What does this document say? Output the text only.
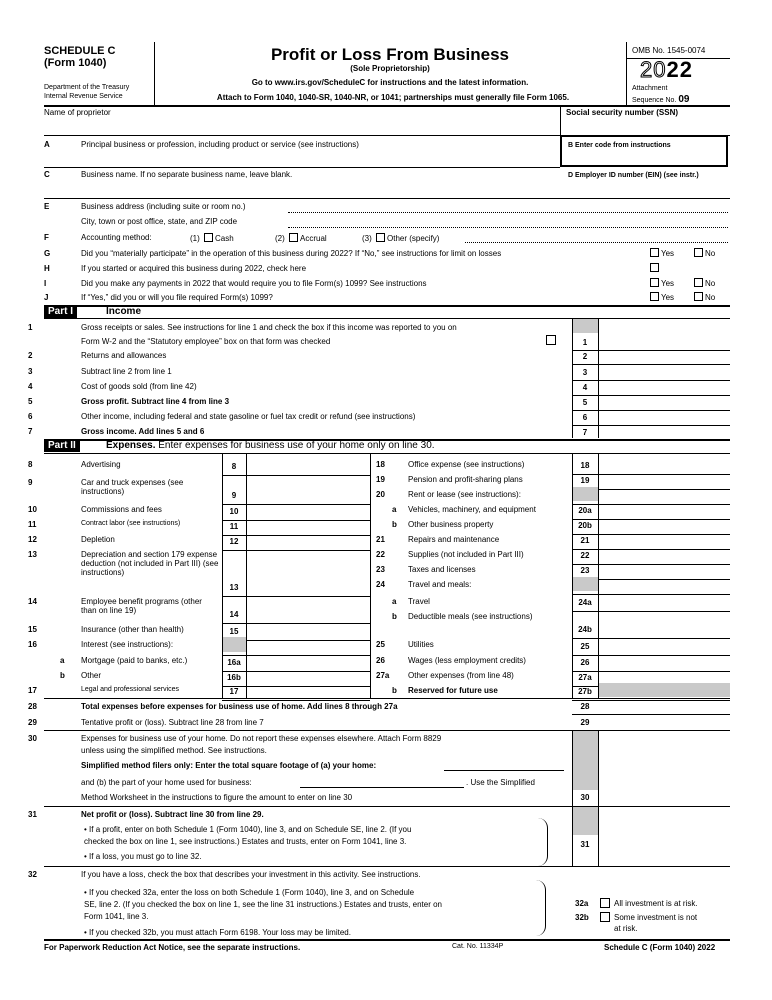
SCHEDULE C
(Form 1040)
Department of the Treasury
Internal Revenue Service
Profit or Loss From Business
(Sole Proprietorship)
Go to www.irs.gov/ScheduleC for instructions and the latest information.
Attach to Form 1040, 1040-SR, 1040-NR, or 1041; partnerships must generally file Form 1065.
OMB No. 1545-0074
2022
Attachment
Sequence No. 09
Name of proprietor	Social security number (SSN)
A	Principal business or profession, including product or service (see instructions)	B Enter code from instructions
C	Business name. If no separate business name, leave blank.	D Employer ID number (EIN) (see instr.)
E	Business address (including suite or room no.)
City, town or post office, state, and ZIP code
F	Accounting method:	(1) Cash	(2) Accrual	(3) Other (specify)
G	Did you “materially participate” in the operation of this business during 2022? If “No,” see instructions for limit on losses	Yes	No
H	If you started or acquired this business during 2022, check here
I	Did you make any payments in 2022 that would require you to file Form(s) 1099? See instructions	Yes	No
J	If “Yes,” did you or will you file required Form(s) 1099?	Yes	No
Part I	Income
Part II	Expenses. Enter expenses for business use of your home only on line 30.
28	Total expenses before expenses for business use of home. Add lines 8 through 27a	28
29	Tentative profit or (loss). Subtract line 28 from line 7	29
30	Expenses for business use of your home. Do not report these expenses elsewhere. Attach Form 8829
unless using the simplified method. See instructions.
Simplified method filers only: Enter the total square footage of (a) your home:
and (b) the part of your home used for business:	. Use the Simplified
Method Worksheet in the instructions to figure the amount to enter on line 30	30
31	Net profit or (loss). Subtract line 30 from line 29.
• If a profit, enter on both Schedule 1 (Form 1040), line 3, and on Schedule SE, line 2. (If you
checked the box on line 1, see instructions.) Estates and trusts, enter on Form 1041, line 3.
• If a loss, you must go to line 32.
31
32	If you have a loss, check the box that describes your investment in this activity. See instructions.
• If you checked 32a, enter the loss on both Schedule 1 (Form 1040), line 3, and on Schedule
SE, line 2. (If you checked the box on line 1, see the line 31 instructions.) Estates and trusts, enter on
Form 1041, line 3.
• If you checked 32b, you must attach Form 6198. Your loss may be limited.
32a	All investment is at risk.
32b	Some investment is not
at risk.
For Paperwork Reduction Act Notice, see the separate instructions.	Cat. No. 11334P	Schedule C (Form 1040) 2022
1	Gross receipts or sales. See instructions for line 1 and check the box if this income was reported to you on
Form W-2 and the “Statutory employee” box on that form was checked	1
2	Returns and allowances	2
3	Subtract line 2 from line 1	3
4	Cost of goods sold (from line 42)	4
5	Gross profit. Subtract line 4 from line 3	5
6	Other income, including federal and state gasoline or fuel tax credit or refund (see instructions)	6
7	Gross income. Add lines 5 and 6	7
8	Advertising	8
9	Car and truck expenses (see instructions)	9
10	Commissions and fees	10
11	Contract labor (see instructions)	11
12	Depletion	12
13	Depreciation and section 179 expense deduction (not included in Part III) (see instructions)
13
14	Employee benefit programs (other than on line 19)	14
15	Insurance (other than health)	15
16	Interest (see instructions):
a Mortgage (paid to banks, etc.)	16a
b Other	16b
17	Legal and professional services	17
18	Office expense (see instructions)	18
19	Pension and profit-sharing plans	19
20	Rent or lease (see instructions):
a Vehicles, machinery, and equipment	20a
b Other business property	20b
21	Repairs and maintenance	21
22	Supplies (not included in Part III)	22
23	Taxes and licenses	23
24	Travel and meals:
a Travel	24a
b Deductible meals (see instructions)
24b
25	Utilities	25
26	Wages (less employment credits)	26
27a Other expenses (from line 48)	27a
b Reserved for future use	27b
